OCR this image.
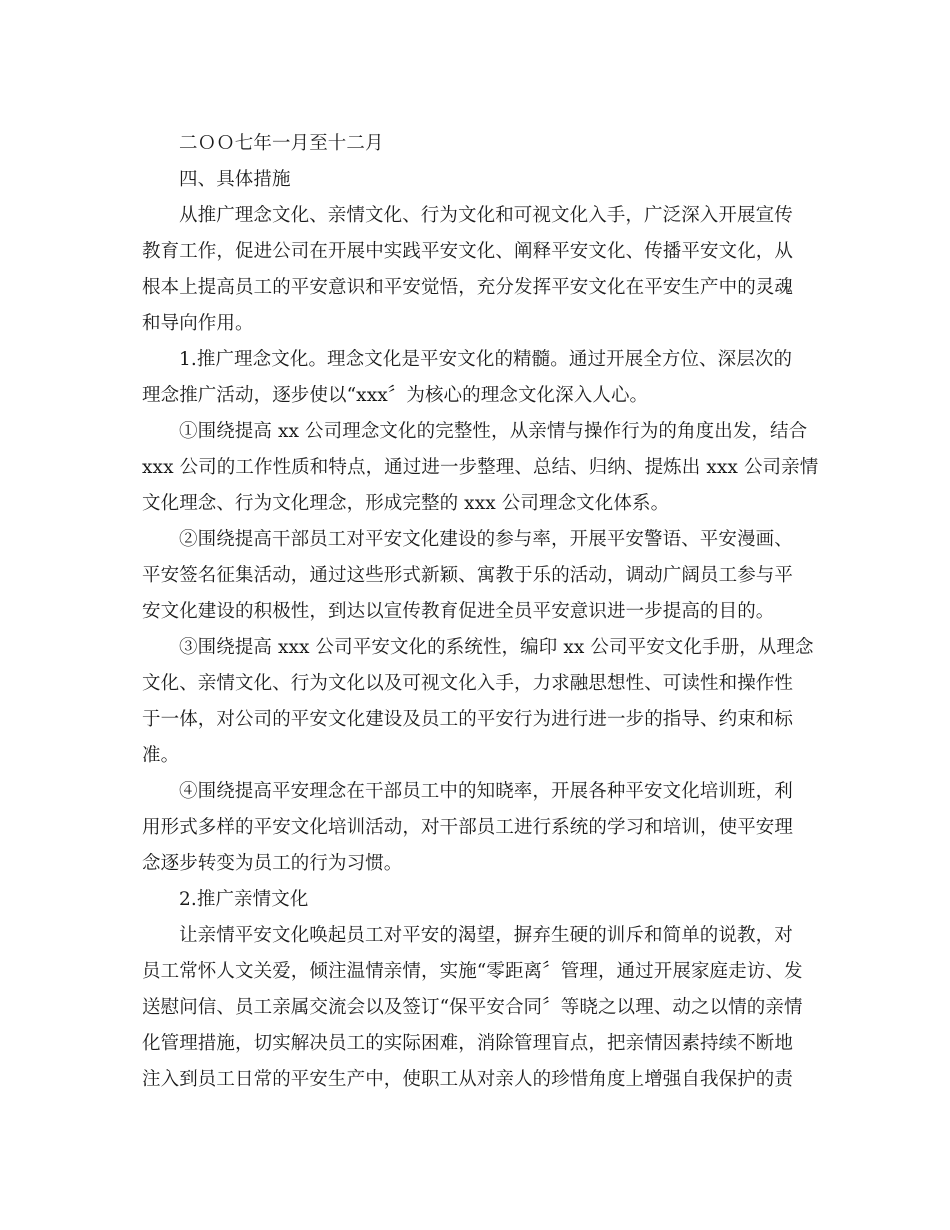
二ＯＯ七年一月至十二月
四、具体措施
从推广理念文化、亲情文化、行为文化和可视文化入手，广泛深入开展宣传
教育工作，促进公司在开展中实践平安文化、阐释平安文化、传播平安文化，从
根本上提高员工的平安意识和平安觉悟，充分发挥平安文化在平安生产中的灵魂
和导向作用。
1.推广理念文化。理念文化是平安文化的精髓。通过开展全方位、深层次的
理念推广活动，逐步使以“xxx〞为核心的理念文化深入人心。
①围绕提高 xx 公司理念文化的完整性，从亲情与操作行为的角度出发，结合
xxx 公司的工作性质和特点，通过进一步整理、总结、归纳、提炼出 xxx 公司亲情
文化理念、行为文化理念，形成完整的 xxx 公司理念文化体系。
②围绕提高干部员工对平安文化建设的参与率，开展平安警语、平安漫画、
平安签名征集活动，通过这些形式新颖、寓教于乐的活动，调动广阔员工参与平
安文化建设的积极性，到达以宣传教育促进全员平安意识进一步提高的目的。
③围绕提高 xxx 公司平安文化的系统性，编印 xx 公司平安文化手册，从理念
文化、亲情文化、行为文化以及可视文化入手，力求融思想性、可读性和操作性
于一体，对公司的平安文化建设及员工的平安行为进行进一步的指导、约束和标
准。
④围绕提高平安理念在干部员工中的知晓率，开展各种平安文化培训班，利
用形式多样的平安文化培训活动，对干部员工进行系统的学习和培训，使平安理
念逐步转变为员工的行为习惯。
2.推广亲情文化
让亲情平安文化唤起员工对平安的渴望，摒弃生硬的训斥和简单的说教，对
员工常怀人文关爱，倾注温情亲情，实施“零距离〞管理，通过开展家庭走访、发
送慰问信、员工亲属交流会以及签订“保平安合同〞等晓之以理、动之以情的亲情
化管理措施，切实解决员工的实际困难，消除管理盲点，把亲情因素持续不断地
注入到员工日常的平安生产中，使职工从对亲人的珍惜角度上增强自我保护的责
